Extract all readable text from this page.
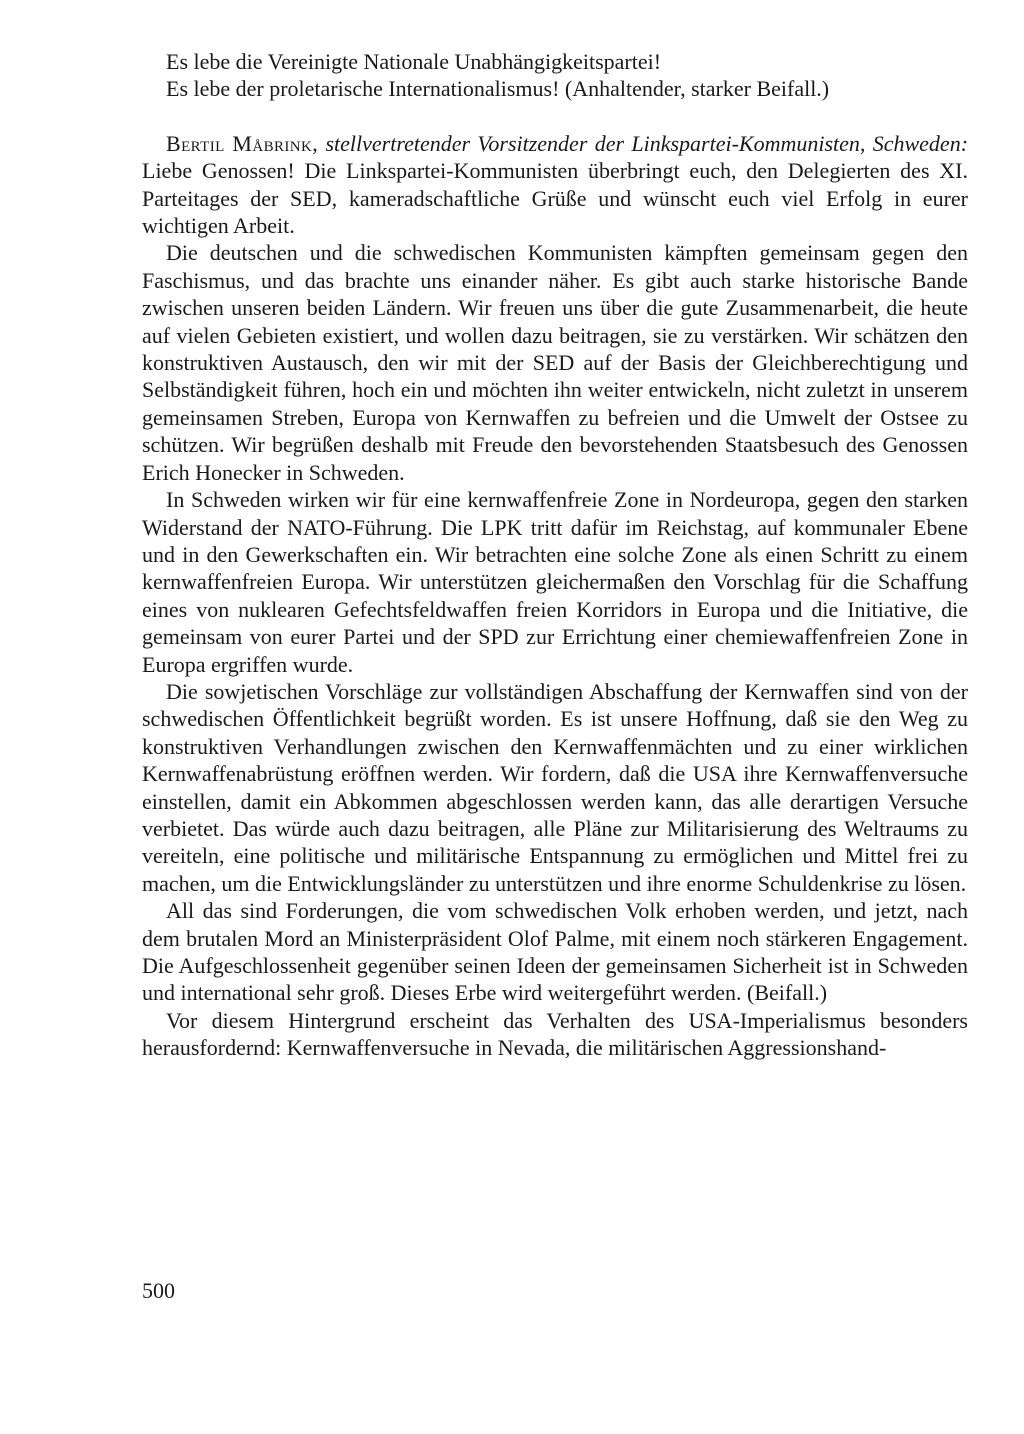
Es lebe die Vereinigte Nationale Unabhängigkeitspartei!

Es lebe der proletarische Internationalismus! (Anhaltender, starker Beifall.)

Bertil Måbrink, stellvertretender Vorsitzender der Linkspartei-Kommunisten, Schweden: Liebe Genossen! Die Linkspartei-Kommunisten überbringt euch, den Delegierten des XI. Parteitages der SED, kameradschaftliche Grüße und wünscht euch viel Erfolg in eurer wichtigen Arbeit.

Die deutschen und die schwedischen Kommunisten kämpften gemeinsam gegen den Faschismus, und das brachte uns einander näher. Es gibt auch starke historische Bande zwischen unseren beiden Ländern. Wir freuen uns über die gute Zusammenarbeit, die heute auf vielen Gebieten existiert, und wollen dazu beitragen, sie zu verstärken. Wir schätzen den konstruktiven Austausch, den wir mit der SED auf der Basis der Gleichberechtigung und Selbständigkeit führen, hoch ein und möchten ihn weiter entwickeln, nicht zuletzt in unserem gemeinsamen Streben, Europa von Kernwaffen zu befreien und die Umwelt der Ostsee zu schützen. Wir begrüßen deshalb mit Freude den bevorstehenden Staatsbesuch des Genossen Erich Honecker in Schweden.

In Schweden wirken wir für eine kernwaffenfreie Zone in Nordeuropa, gegen den starken Widerstand der NATO-Führung. Die LPK tritt dafür im Reichstag, auf kommunaler Ebene und in den Gewerkschaften ein. Wir betrachten eine solche Zone als einen Schritt zu einem kernwaffenfreien Europa. Wir unterstützen gleichermaßen den Vorschlag für die Schaffung eines von nuklearen Gefechtsfeldwaffen freien Korridors in Europa und die Initiative, die gemeinsam von eurer Partei und der SPD zur Errichtung einer chemiewaffenfreien Zone in Europa ergriffen wurde.

Die sowjetischen Vorschläge zur vollständigen Abschaffung der Kernwaffen sind von der schwedischen Öffentlichkeit begrüßt worden. Es ist unsere Hoffnung, daß sie den Weg zu konstruktiven Verhandlungen zwischen den Kernwaffenmächten und zu einer wirklichen Kernwaffenabrüstung eröffnen werden. Wir fordern, daß die USA ihre Kernwaffenversuche einstellen, damit ein Abkommen abgeschlossen werden kann, das alle derartigen Versuche verbietet. Das würde auch dazu beitragen, alle Pläne zur Militarisierung des Weltraums zu vereiteln, eine politische und militärische Entspannung zu ermöglichen und Mittel frei zu machen, um die Entwicklungsländer zu unterstützen und ihre enorme Schuldenkrise zu lösen.

All das sind Forderungen, die vom schwedischen Volk erhoben werden, und jetzt, nach dem brutalen Mord an Ministerpräsident Olof Palme, mit einem noch stärkeren Engagement. Die Aufgeschlossenheit gegenüber seinen Ideen der gemeinsamen Sicherheit ist in Schweden und international sehr groß. Dieses Erbe wird weitergeführt werden. (Beifall.)

Vor diesem Hintergrund erscheint das Verhalten des USA-Imperialismus besonders herausfordernd: Kernwaffenversuche in Nevada, die militärischen Aggressionshand-

500
